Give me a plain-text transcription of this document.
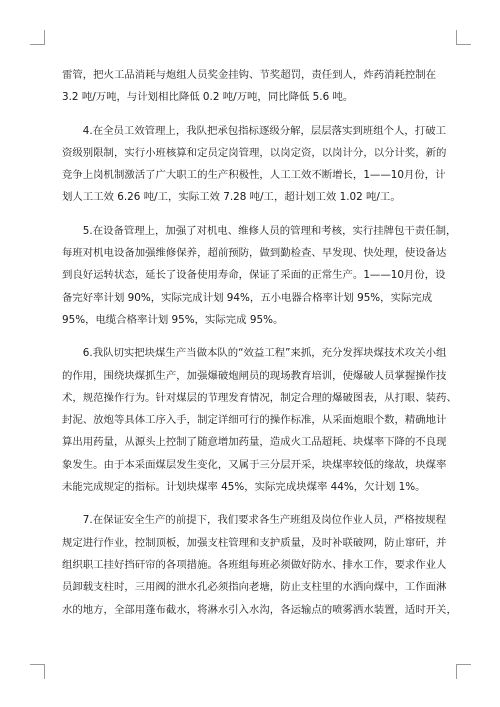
雷管，把火工品消耗与炮组人员奖金挂钩、节奖超罚，责任到人，炸药消耗控制在
3.2 吨/万吨，与计划相比降低 0.2 吨/万吨，同比降低 5.6 吨。
　　4.在全员工效管理上，我队把承包指标逐级分解，层层落实到班组个人，打破工
资级别限制，实行小班核算和定员定岗管理，以岗定资，以岗计分，以分计奖，新的
竞争上岗机制激活了广大职工的生产积极性，人工工效不断增长，1——10月份，计
划人工工效 6.26 吨/工，实际工效 7.28 吨/工，超计划工效 1.02 吨/工。
　　5.在设备管理上，加强了对机电、维修人员的管理和考核，实行挂牌包干责任制，
每班对机电设备加强维修保养，超前预防，做到勤检查、早发现、快处理，使设备达
到良好运转状态，延长了设备使用寿命，保证了采面的正常生产。1——10月份，设
备完好率计划 90%，实际完成计划 94%，五小电器合格率计划 95%，实际完成
95%，电缆合格率计划 95%，实际完成 95%。
　　6.我队切实把块煤生产当做本队的“效益工程”来抓，充分发挥块煤技术攻关小组
的作用，围绕块煤抓生产，加强爆破炮闸员的现场教育培训，使爆破人员掌握操作技
术，规范操作行为。针对煤层的节理发育情况，制定合理的爆破图表，从打眼、装药、
封泥、放炮等具体工序入手，制定详细可行的操作标准，从采面炮眼个数，精确地计
算出用药量，从源头上控制了随意增加药量，造成火工品超耗、块煤率下降的不良现
象发生。由于本采面煤层发生变化，又属于三分层开采，块煤率较低的缘故，块煤率
未能完成规定的指标。计划块煤率 45%，实际完成块煤率 44%，欠计划 1%。
　　7.在保证安全生产的前提下，我们要求各生产班组及岗位作业人员，严格按规程
规定进行作业，控制顶板，加强支柱管理和支护质量，及时补联破网，防止窜矸，并
组织职工挂好挡矸帘的各项措施。各班组每班必须做好防水、排水工作，要求作业人
员卸载支柱时，三用阀的泄水孔必须指向老塘，防止支柱里的水洒向煤中，工作面淋
水的地方，全部用蓬布截水，将淋水引入水沟，各运输点的喷雾洒水装置，适时开关，
